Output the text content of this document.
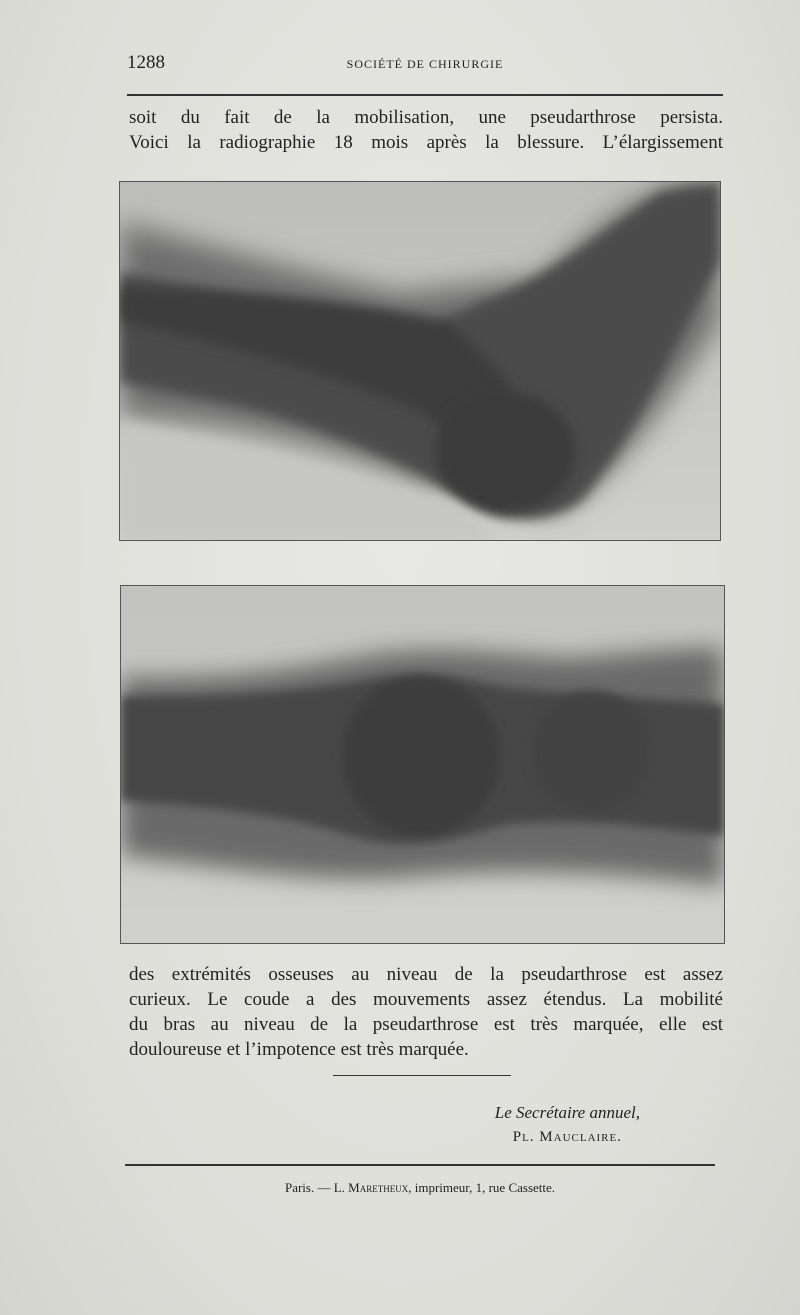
1288	SOCIÉTÉ DE CHIRURGIE

soit du fait de la mobilisation, une pseudarthrose persista.
Voici la radiographie 18 mois après la blessure. L’élargissement

des extrémités osseuses au niveau de la pseudarthrose est assez
curieux. Le coude a des mouvements assez étendus. La mobilité
du bras au niveau de la pseudarthrose est très marquée, elle est
douloureuse et l’impotence est très marquée.

Le Secrétaire annuel,
Pl. Mauclaire.
Paris. — L. Maretheux, imprimeur, 1, rue Cassette.
